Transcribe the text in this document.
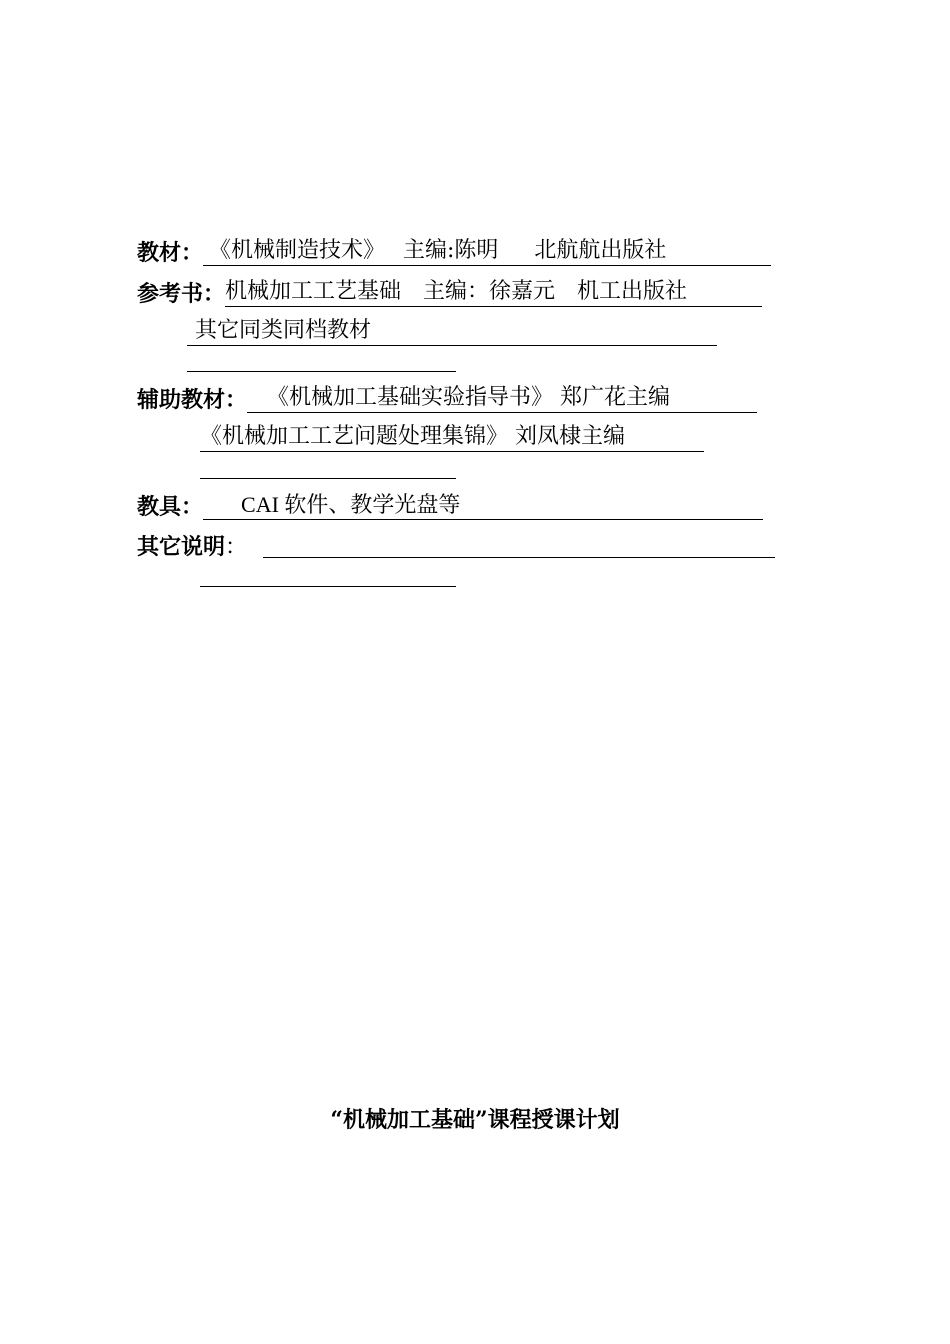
教材： 《机械制造技术》　 主编:陈明 　 北航航出版社
参考书：机械加工工艺基础　主编：徐嘉元　机工出版社
其它同类同档教材
辅助教材： 《机械加工基础实验指导书》 郑广花主编
《机械加工工艺问题处理集锦》 刘凤棣主编
教具： CAI 软件、教学光盘等
其它说明：
“机械加工基础”课程授课计划
